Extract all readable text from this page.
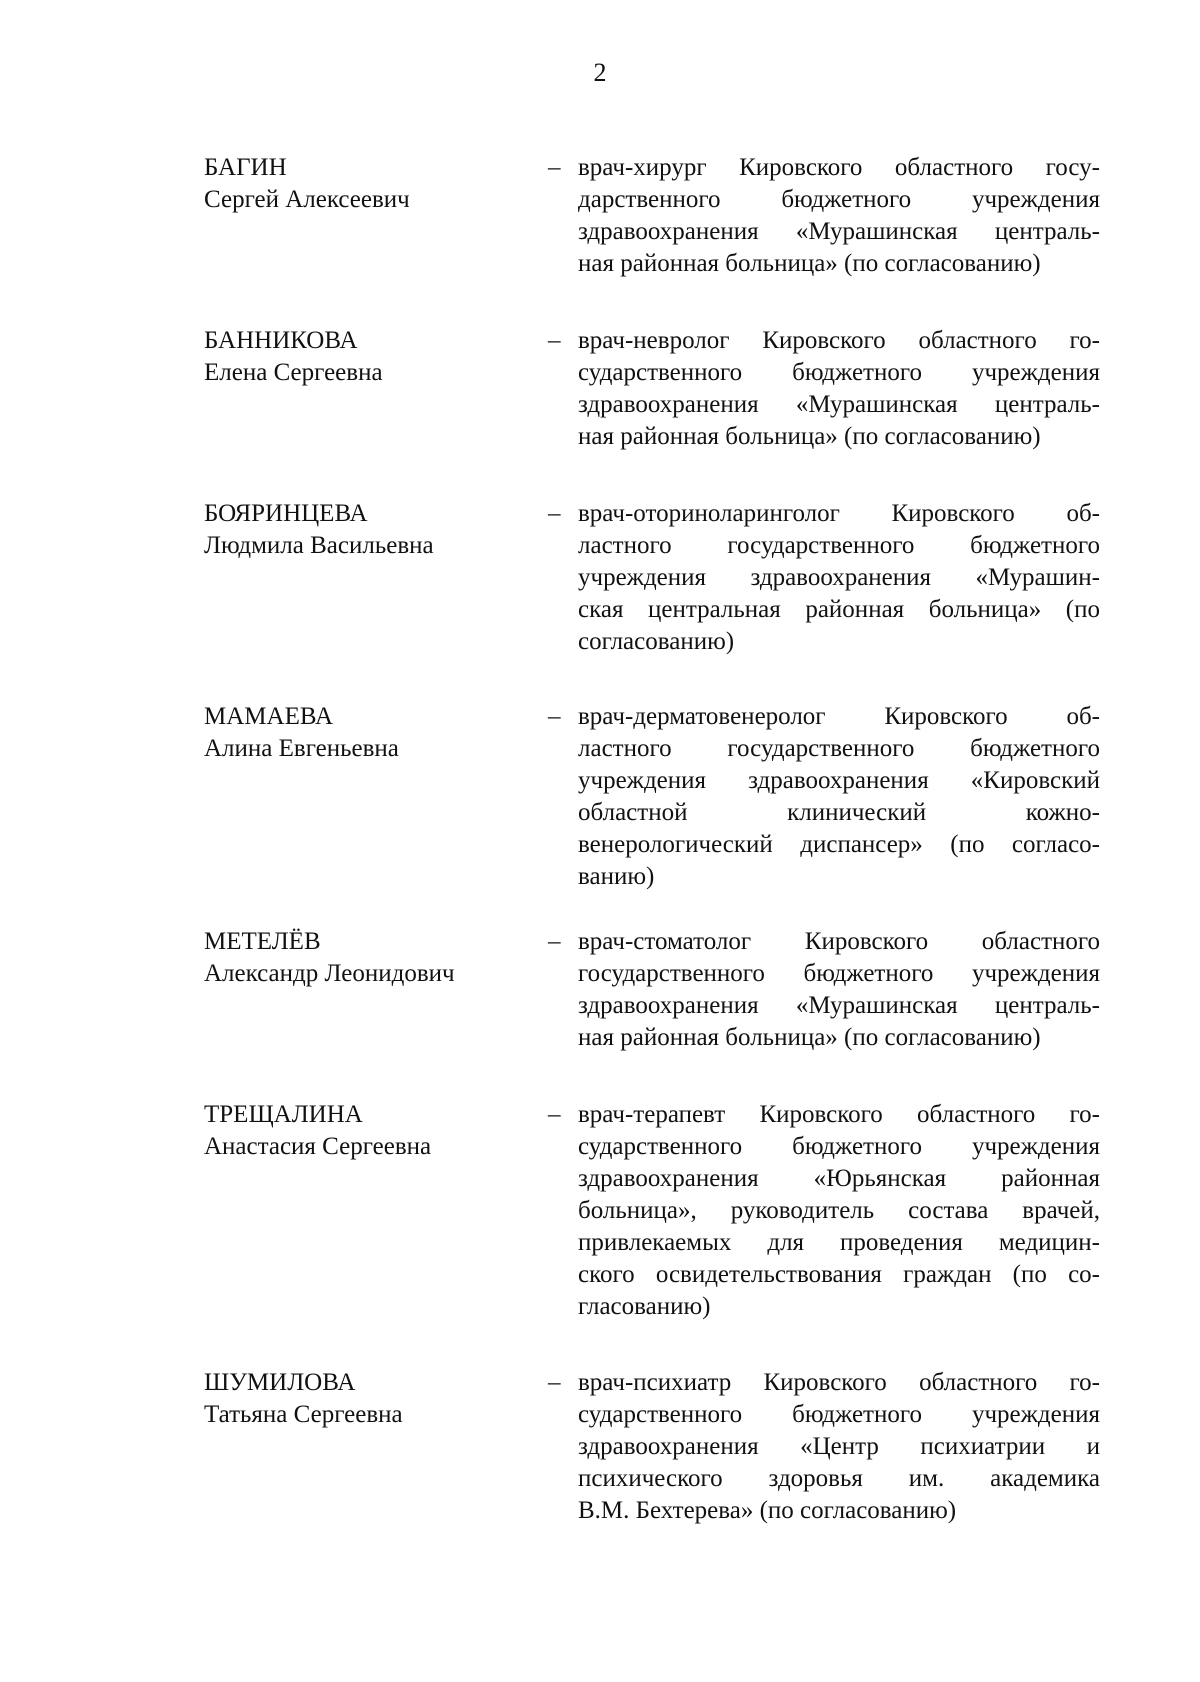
2
БАГИН
Сергей Алексеевич
– врач-хирург Кировского областного госу-
дарственного бюджетного учреждения
здравоохранения «Мурашинская централь-
ная районная больница» (по согласованию)
БАННИКОВА
Елена Сергеевна
– врач-невролог Кировского областного го-
сударственного бюджетного учреждения
здравоохранения «Мурашинская централь-
ная районная больница» (по согласованию)
БОЯРИНЦЕВА
Людмила Васильевна
– врач-оториноларинголог Кировского об-
ластного государственного бюджетного
учреждения здравоохранения «Мурашин-
ская центральная районная больница» (по
согласованию)
МАМАЕВА
Алина Евгеньевна
– врач-дерматовенеролог Кировского об-
ластного государственного бюджетного
учреждения здравоохранения «Кировский
областной клинический кожно-
венерологический диспансер» (по согласо-
ванию)
МЕТЕЛЁВ
Александр Леонидович
– врач-стоматолог Кировского областного
государственного бюджетного учреждения
здравоохранения «Мурашинская централь-
ная районная больница» (по согласованию)
ТРЕЩАЛИНА
Анастасия Сергеевна
– врач-терапевт Кировского областного го-
сударственного бюджетного учреждения
здравоохранения «Юрьянская районная
больница», руководитель состава врачей,
привлекаемых для проведения медицин-
ского освидетельствования граждан (по со-
гласованию)
ШУМИЛОВА
Татьяна Сергеевна
– врач-психиатр Кировского областного го-
сударственного бюджетного учреждения
здравоохранения «Центр психиатрии и
психического здоровья им. академика
В.М. Бехтерева» (по согласованию)
